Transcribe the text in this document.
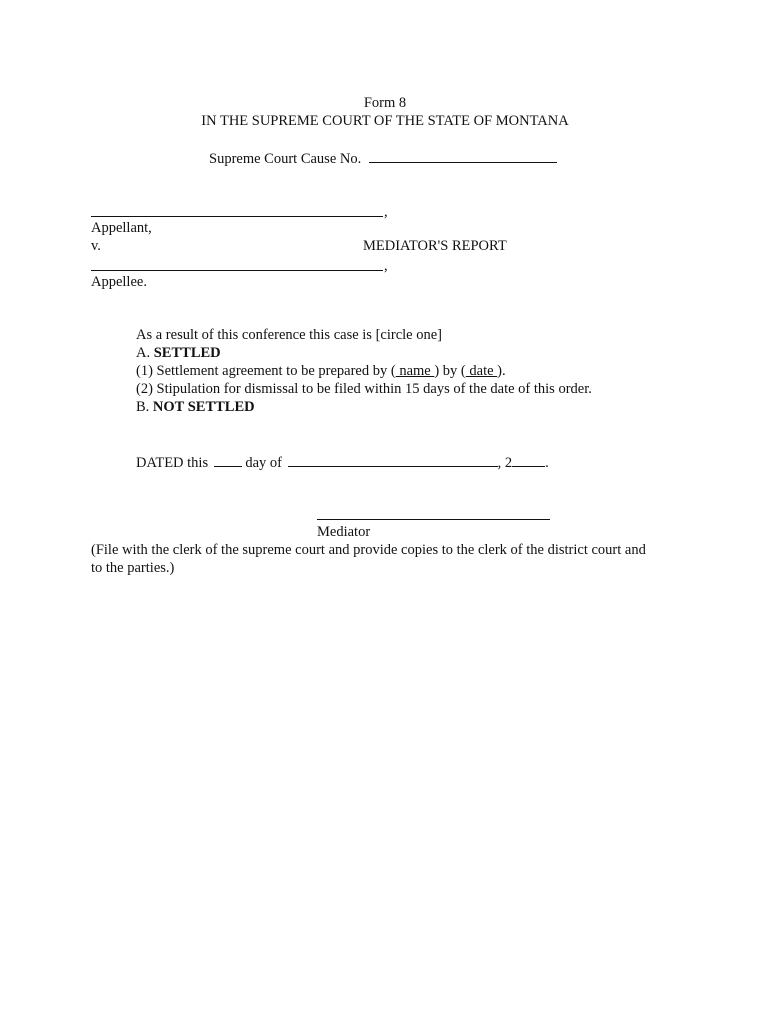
Form 8
IN THE SUPREME COURT OF THE STATE OF MONTANA
Supreme Court Cause No.
,
Appellant,
v.	MEDIATOR'S REPORT
,
Appellee.
As a result of this conference this case is [circle one]
A. SETTLED
(1) Settlement agreement to be prepared by ( name ) by ( date ).
(2) Stipulation for dismissal to be filed within 15 days of the date of this order.
B. NOT SETTLED
DATED this	day of	, 2 .
Mediator
(File with the clerk of the supreme court and provide copies to the clerk of the district court and
to the parties.)
